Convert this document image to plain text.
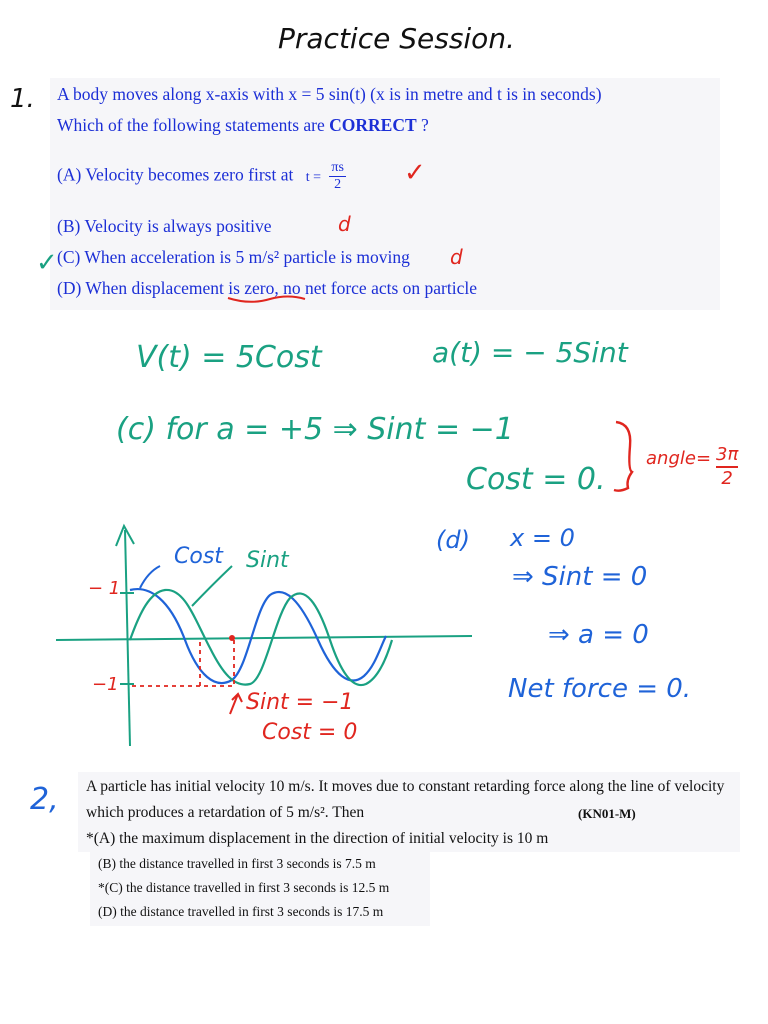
Practice Session.
1. A body moves along x-axis with x = 5 sin(t) (x is in metre and t is in seconds)
Which of the following statements are CORRECT ?
(A) Velocity becomes zero first at $t = \frac{\pi s}{2}$
(B) Velocity is always positive
(C) When acceleration is 5 m/s² particle is moving
(D) When displacement is zero, no net force acts on particle
✓
d
d
✓
V(t) = 5Cost	a(t) = − 5Sint
(c) for a = +5 ⇒ Sint = −1
Cost = 0.
angle= $\frac{3\pi}{2}$
Cost Sint
− 1
−1
Sint = −1
Cost = 0
(d) x = 0
⇒ Sint = 0
⇒ a = 0
Net force = 0.
2, A particle has initial velocity 10 m/s. It moves due to constant retarding force along the line of velocity
which produces a retardation of 5 m/s². Then	(KN01-M)
*(A) the maximum displacement in the direction of initial velocity is 10 m
(B) the distance travelled in first 3 seconds is 7.5 m
*(C) the distance travelled in first 3 seconds is 12.5 m
(D) the distance travelled in first 3 seconds is 17.5 m
